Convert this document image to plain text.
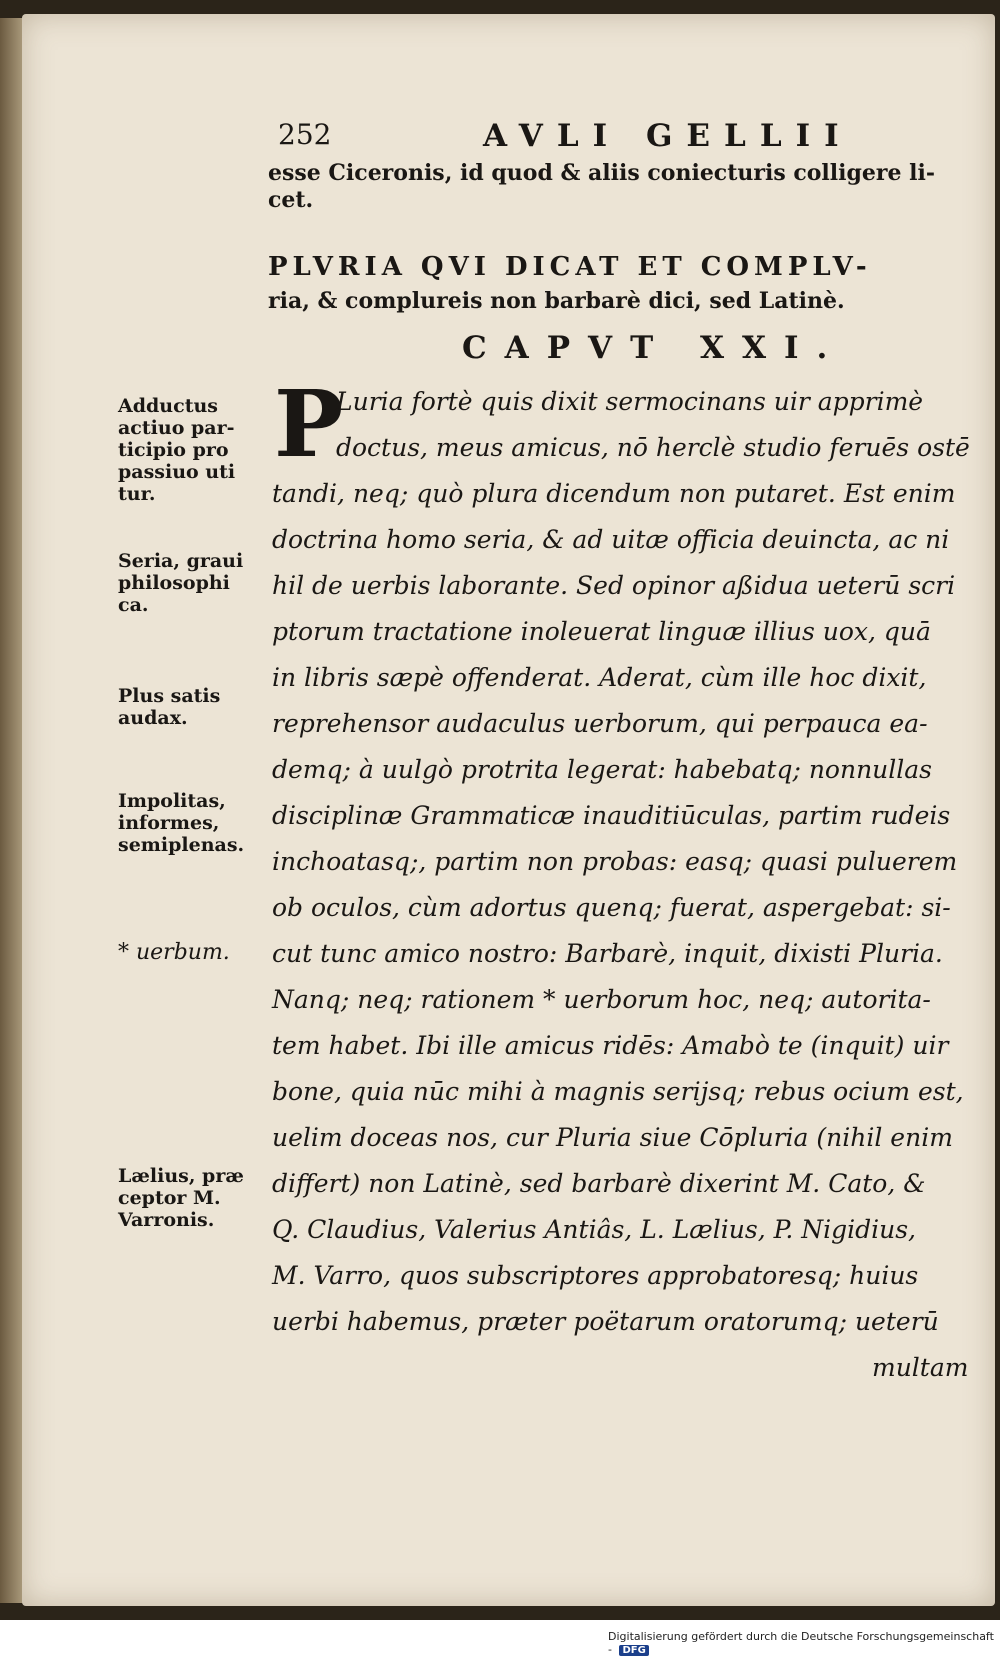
252	AVLI GELLII
esse Ciceronis, id quod & aliis coniecturis colligere li-
cet.
PLVRIA QVI DICAT ET COMPLV-
ria, & complureis non barbarè dici, sed Latinè.
CAPVT XXI.
P
Luria fortè quis dixit sermocinans uir apprimè
doctus, meus amicus, nō herclè studio feruēs ostē
tandi, neq; quò plura dicendum non putaret. Est enim
doctrina homo seria, & ad uitæ officia deuincta, ac ni
hil de uerbis laborante. Sed opinor aßidua ueterū scri
ptorum tractatione inoleuerat linguæ illius uox, quā
in libris sæpè offenderat. Aderat, cùm ille hoc dixit,
reprehensor audaculus uerborum, qui perpauca ea-
demq; à uulgò protrita legerat: habebatq; nonnullas
disciplinæ Grammaticæ inauditiūculas, partim rudeis
inchoatasq;, partim non probas: easq; quasi puluerem
ob oculos, cùm adortus quenq; fuerat, aspergebat: si-
cut tunc amico nostro: Barbarè, inquit, dixisti Pluria.
Nanq; neq; rationem * uerborum hoc, neq; autorita-
tem habet. Ibi ille amicus ridēs: Amabò te (inquit) uir
bone, quia nūc mihi à magnis serijsq; rebus ocium est,
uelim doceas nos, cur Pluria siue Cōpluria (nihil enim
differt) non Latinè, sed barbarè dixerint M. Cato, &
Q. Claudius, Valerius Antiâs, L. Lælius, P. Nigidius,
M. Varro, quos subscriptores approbatoresq; huius
uerbi habemus, præter poëtarum oratorumq; ueterū
multam
Adductus
actiuo par-
ticipio pro
passiuo uti
tur.
Seria, graui
philosophi
ca.
Plus satis
audax.
Impolitas,
informes,
semiplenas.
* uerbum.
Lælius, præ
ceptor M.
Varronis.
Digitalisierung gefördert durch die Deutsche Forschungsgemeinschaft - DFG
